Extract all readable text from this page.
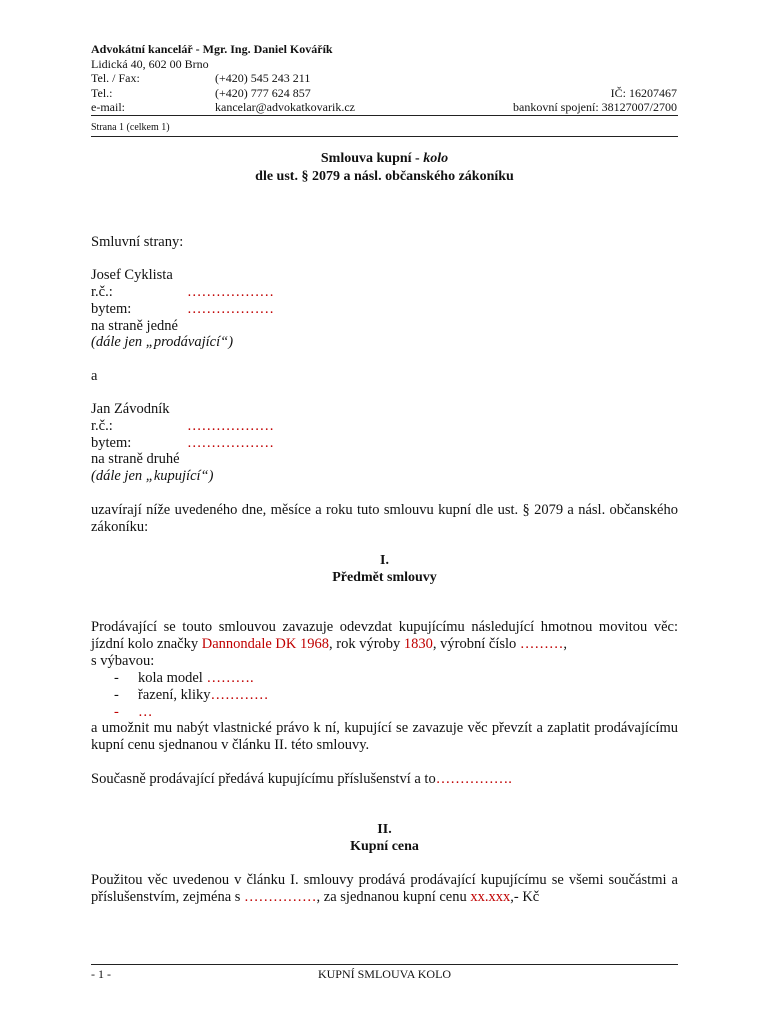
Advokátní kancelář - Mgr. Ing. Daniel Kovářík
Lidická 40, 602 00 Brno
Tel. / Fax:	(+420) 545 243 211
Tel.:	(+420) 777 624 857	IČ: 16207467
e-mail:	kancelar@advokatkovarik.cz	bankovní spojení: 38127007/2700
Strana 1 (celkem 1)
Smlouva kupní - kolo
dle ust. § 2079 a násl. občanského zákoníku
Smluvní strany:
Josef Cyklista
r.č.:	………………
bytem:	………………
na straně jedné
(dále jen „prodávající“)
a
Jan Závodník
r.č.:	………………
bytem:	………………
na straně druhé
(dále jen „kupující“)
uzavírají níže uvedeného dne, měsíce a roku tuto smlouvu kupní dle ust. § 2079 a násl. občanského zákoníku:
I.
Předmět smlouvy
Prodávající se touto smlouvou zavazuje odevzdat kupujícímu následující hmotnou movitou věc: jízdní kolo značky Dannondale DK 1968, rok výroby 1830, výrobní číslo ………,
s výbavou:
- kola model ……….
- řazení, kliky…………
- …
a umožnit mu nabýt vlastnické právo k ní, kupující se zavazuje věc převzít a zaplatit prodávajícímu kupní cenu sjednanou v článku II. této smlouvy.
Současně prodávající předává kupujícímu příslušenství a to…………….
II.
Kupní cena
Použitou věc uvedenou v článku I. smlouvy prodává prodávající kupujícímu se všemi součástmi a příslušenstvím, zejména s ……………, za sjednanou kupní cenu xx.xxx,- Kč
- 1 -	KUPNÍ SMLOUVA KOLO
